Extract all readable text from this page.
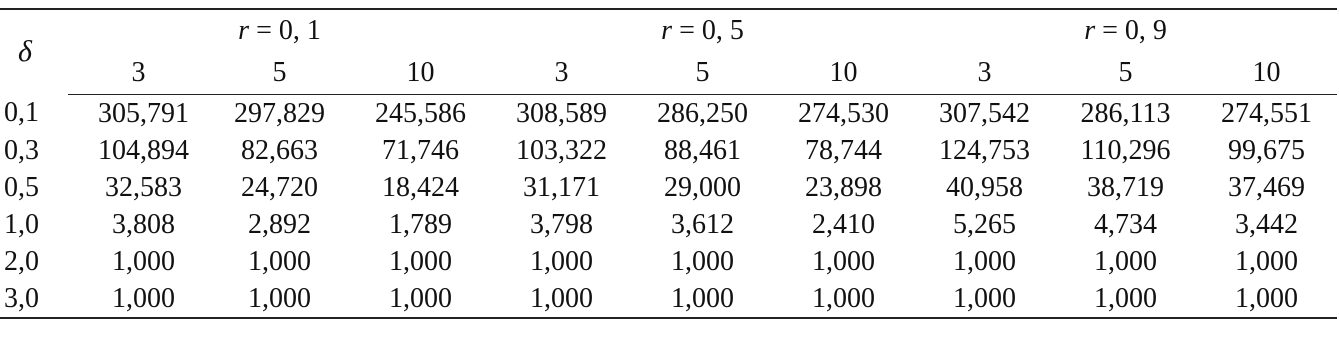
δ	r = 0, 1			r = 0, 5			r = 0, 9		
	3	5	10	3	5	10	3	5	10
0,1	305,791	297,829	245,586	308,589	286,250	274,530	307,542	286,113	274,551
0,3	104,894	82,663	71,746	103,322	88,461	78,744	124,753	110,296	99,675
0,5	32,583	24,720	18,424	31,171	29,000	23,898	40,958	38,719	37,469
1,0	3,808	2,892	1,789	3,798	3,612	2,410	5,265	4,734	3,442
2,0	1,000	1,000	1,000	1,000	1,000	1,000	1,000	1,000	1,000
3,0	1,000	1,000	1,000	1,000	1,000	1,000	1,000	1,000	1,000
